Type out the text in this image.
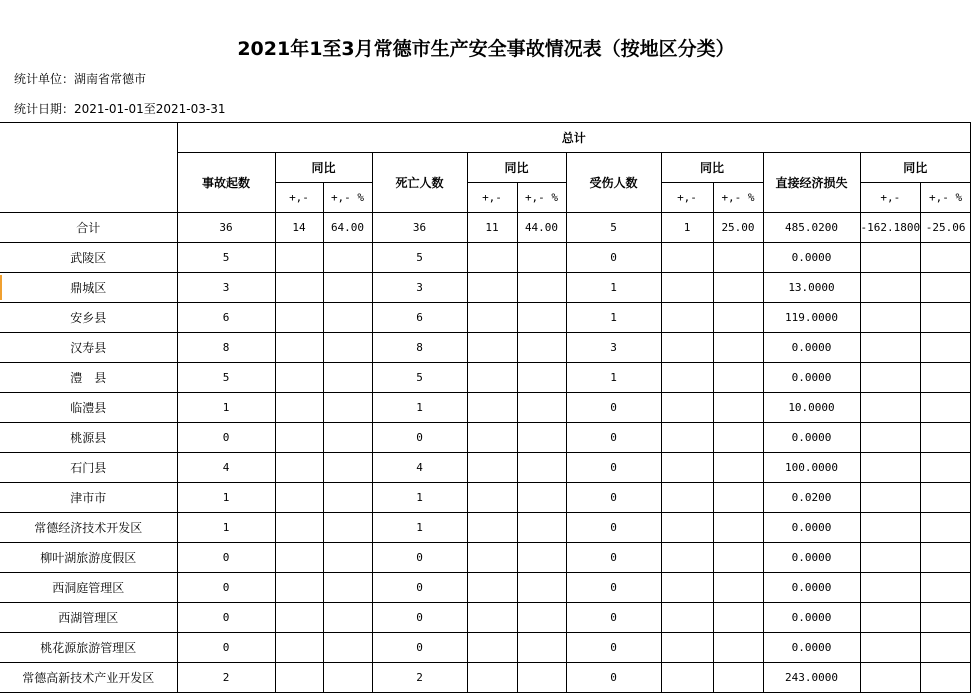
2021年1至3月常德市生产安全事故情况表（按地区分类）
统计单位：湖南省常德市
统计日期：2021-01-01至2021-03-31
	总计											
	事故起数	同比		死亡人数	同比		受伤人数	同比		直接经济损失	同比	
		+,-	+,- %		+,-	+,- %		+,-	+,- %		+,-	+,- %
合计	36	14	64.00	36	11	44.00	5	1	25.00	485.0200	-162.1800	-25.06
武陵区	5			5			0			0.0000		
鼎城区	3			3			1			13.0000		
安乡县	6			6			1			119.0000		
汉寿县	8			8			3			0.0000		
澧　县	5			5			1			0.0000		
临澧县	1			1			0			10.0000		
桃源县	0			0			0			0.0000		
石门县	4			4			0			100.0000		
津市市	1			1			0			0.0200		
常德经济技术开发区	1			1			0			0.0000		
柳叶湖旅游度假区	0			0			0			0.0000		
西洞庭管理区	0			0			0			0.0000		
西湖管理区	0			0			0			0.0000		
桃花源旅游管理区	0			0			0			0.0000		
常德高新技术产业开发区	2			2			0			243.0000		
